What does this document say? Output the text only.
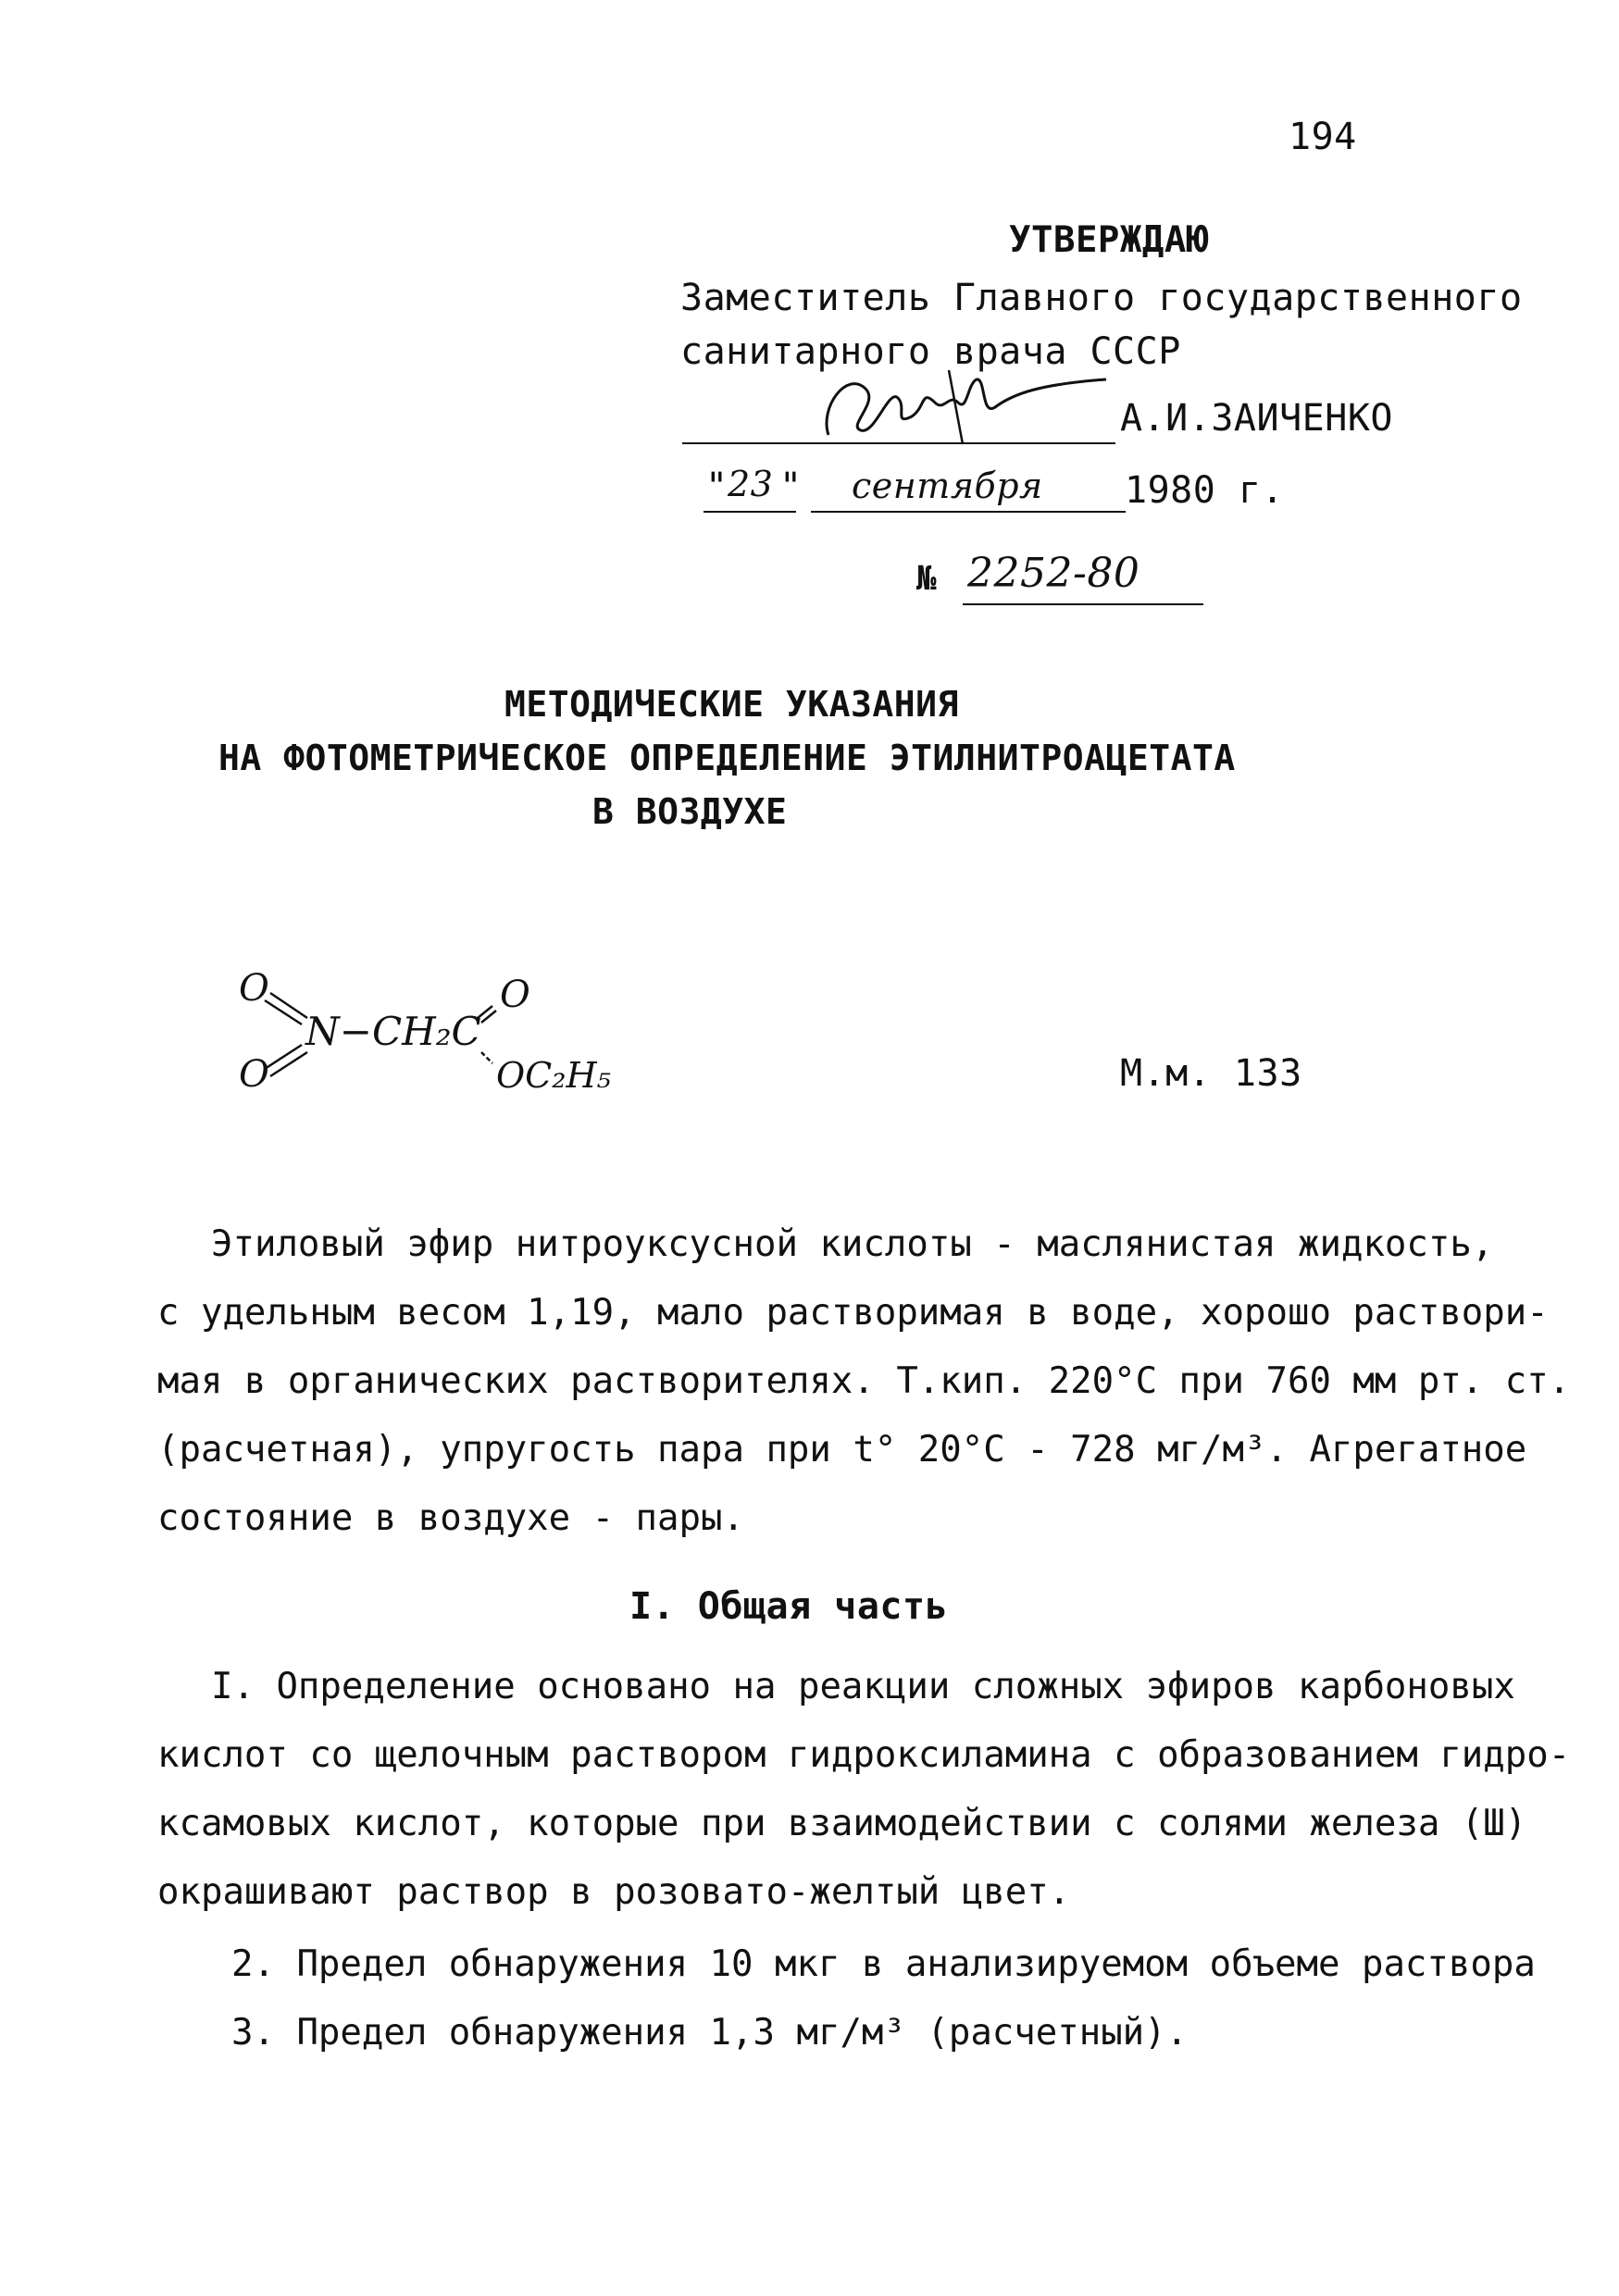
194
УТВЕРЖДАЮ
Заместитель Главного государственного
санитарного врача СССР
А.И.ЗАИЧЕНКО
" 23 " сентября 1980 г.
№ 2252-80
МЕТОДИЧЕСКИЕ УКАЗАНИЯ
НА ФОТОМЕТРИЧЕСКОЕ ОПРЕДЕЛЕНИЕ ЭТИЛНИТРОАЦЕТАТА
В ВОЗДУХЕ
O
O
N−CH₂C
O
OC₂H₅	М.м. 133
Этиловый эфир нитроуксусной кислоты - маслянистая жидкость,
с удельным весом 1,19, мало растворимая в воде, хорошо раствори-
мая в органических растворителях. Т.кип. 220°С при 760 мм рт. ст.
(расчетная), упругость пара при t° 20°С - 728 мг/м³. Агрегатное
состояние в воздухе - пары.
I. Общая часть
I. Определение основано на реакции сложных эфиров карбоновых
кислот со щелочным раствором гидроксиламина с образованием гидро-
ксамовых кислот, которые при взаимодействии с солями железа (Ш)
окрашивают раствор в розовато-желтый цвет.
2. Предел обнаружения 10 мкг в анализируемом объеме раствора
3. Предел обнаружения 1,3 мг/м³ (расчетный).
